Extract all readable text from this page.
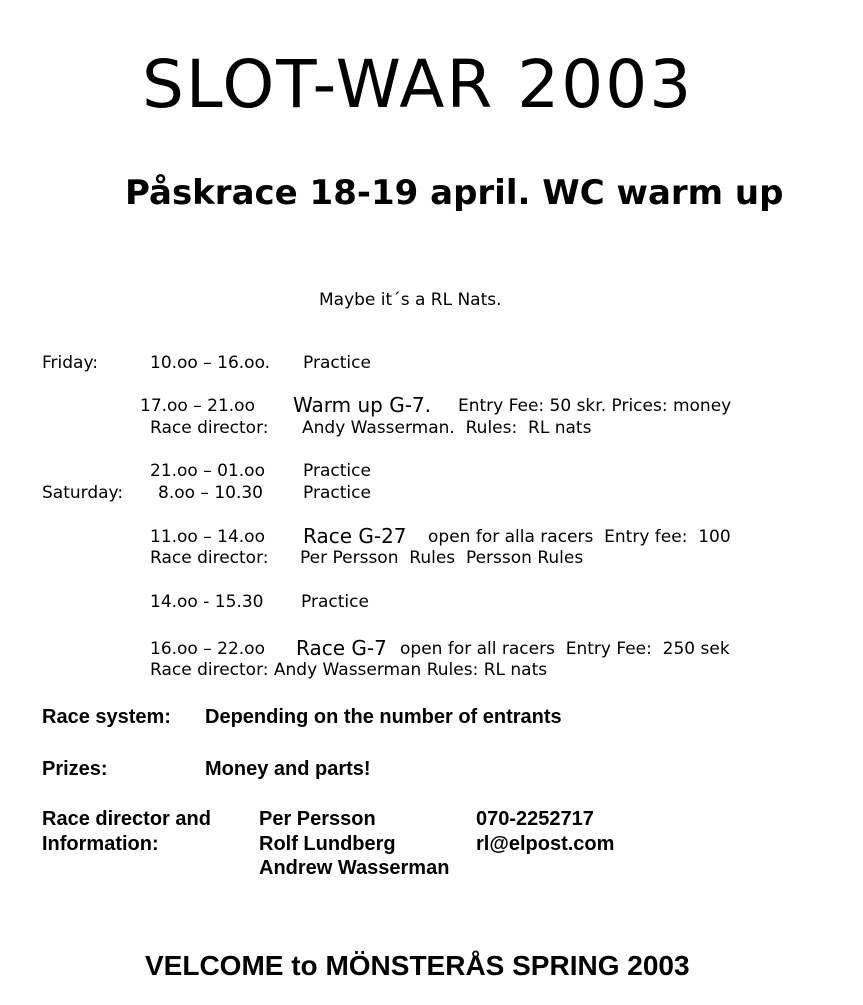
SLOT-WAR 2003
Påskrace 18-19 april. WC warm up
Maybe it´s a RL Nats.
Friday:	10.oo – 16.oo. Practice
17.oo – 21.oo Warm up G-7. Entry Fee: 50 skr. Prices: money
Race director: Andy Wasserman.  Rules:  RL nats
21.oo – 01.oo Practice
Saturday: 8.oo – 10.30 Practice
11.oo – 14.oo Race G-27 open for alla racers  Entry fee:  100
Race director: Per Persson  Rules  Persson Rules
14.oo - 15.30 Practice
16.oo – 22.oo Race G-7 open for all racers  Entry Fee:  250 sek
Race director: Andy Wasserman Rules: RL nats
Race system: Depending on the number of entrants
Prizes:	Money and parts!
Race director and
Information:
Per Persson
Rolf Lundberg
Andrew Wasserman
070-2252717
rl@elpost.com
VELCOME to MÖNSTERÅS SPRING 2003
